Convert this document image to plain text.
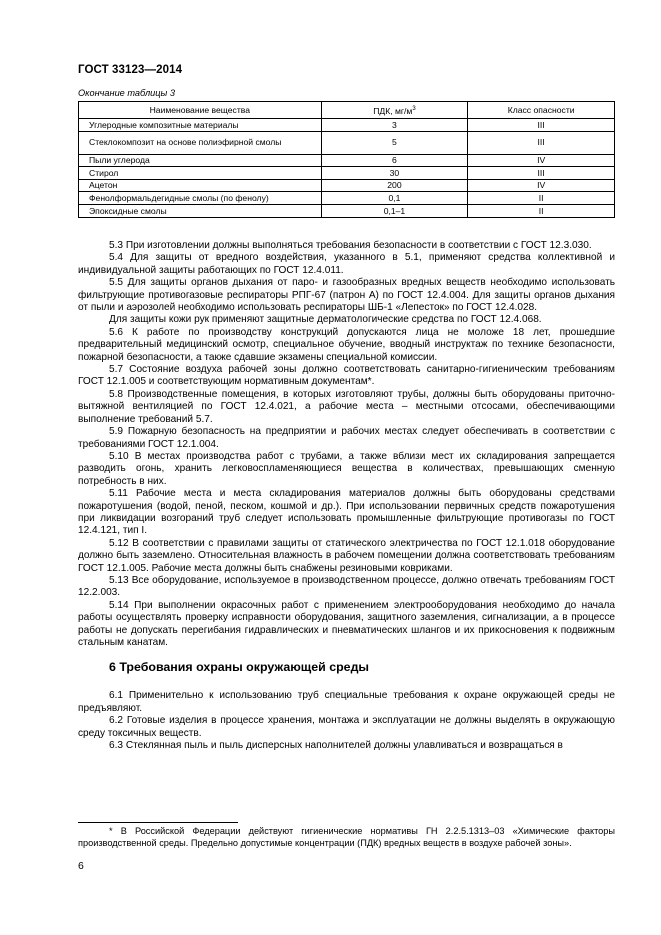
ГОСТ 33123—2014
Окончание таблицы 3
Наименование вещества	ПДК, $мг/м^3$	Класс опасности
Углеродные композитные материалы	3	III
Стеклокомпозит на основе полиэфирной смолы	5	III
Пыли углерода	6	IV
Стирол	30	III
Ацетон	200	IV
Фенолформальдегидные смолы (по фенолу)	0,1	II
Эпоксидные смолы	0,1–1	II

5.3 При изготовлении должны выполняться требования безопасности в соответствии с ГОСТ 12.3.030.

5.4 Для защиты от вредного воздействия, указанного в 5.1, применяют средства коллективной и индивидуальной защиты работающих по ГОСТ 12.4.011.

5.5 Для защиты органов дыхания от паро- и газообразных вредных веществ необходимо использовать фильтрующие противогазовые респираторы РПГ-67 (патрон А) по ГОСТ 12.4.004. Для защиты органов дыхания от пыли и аэрозолей необходимо использовать респираторы ШБ-1 «Лепесток» по ГОСТ 12.4.028.

Для защиты кожи рук применяют защитные дерматологические средства по ГОСТ 12.4.068.

5.6 К работе по производству конструкций допускаются лица не моложе 18 лет, прошедшие предварительный медицинский осмотр, специальное обучение, вводный инструктаж по технике безопасности, пожарной безопасности, а также сдавшие экзамены специальной комиссии.

5.7 Состояние воздуха рабочей зоны должно соответствовать санитарно-гигиеническим требованиям ГОСТ 12.1.005 и соответствующим нормативным документам*.

5.8 Производственные помещения, в которых изготовляют трубы, должны быть оборудованы приточно-вытяжной вентиляцией по ГОСТ 12.4.021, а рабочие места – местными отсосами, обеспечивающими выполнение требований 5.7.

5.9 Пожарную безопасность на предприятии и рабочих местах следует обеспечивать в соответствии с требованиями ГОСТ 12.1.004.

5.10 В местах производства работ с трубами, а также вблизи мест их складирования запрещается разводить огонь, хранить легковоспламеняющиеся вещества в количествах, превышающих сменную потребность в них.

5.11 Рабочие места и места складирования материалов должны быть оборудованы средствами пожаротушения (водой, пеной, песком, кошмой и др.). При использовании первичных средств пожаротушения при ликвидации возгораний труб следует использовать промышленные фильтрующие противогазы по ГОСТ 12.4.121, тип I.

5.12 В соответствии с правилами защиты от статического электричества по ГОСТ 12.1.018 оборудование должно быть заземлено. Относительная влажность в рабочем помещении должна соответствовать требованиям ГОСТ 12.1.005. Рабочие места должны быть снабжены резиновыми ковриками.

5.13 Все оборудование, используемое в производственном процессе, должно отвечать требованиям ГОСТ 12.2.003.

5.14 При выполнении окрасочных работ с применением электрооборудования необходимо до начала работы осуществлять проверку исправности оборудования, защитного заземления, сигнализации, а в процессе работы не допускать перегибания гидравлических и пневматических шлангов и их прикосновения к подвижным стальным канатам.

6 Требования охраны окружающей среды

6.1 Применительно к использованию труб специальные требования к охране окружающей среды не предъявляют.

6.2 Готовые изделия в процессе хранения, монтажа и эксплуатации не должны выделять в окружающую среду токсичных веществ.

6.3 Стеклянная пыль и пыль дисперсных наполнителей должны улавливаться и возвращаться в

* В Российской Федерации действуют гигиенические нормативы ГН 2.2.5.1313–03 «Химические факторы производственной среды. Предельно допустимые концентрации (ПДК) вредных веществ в воздухе рабочей зоны».

6
